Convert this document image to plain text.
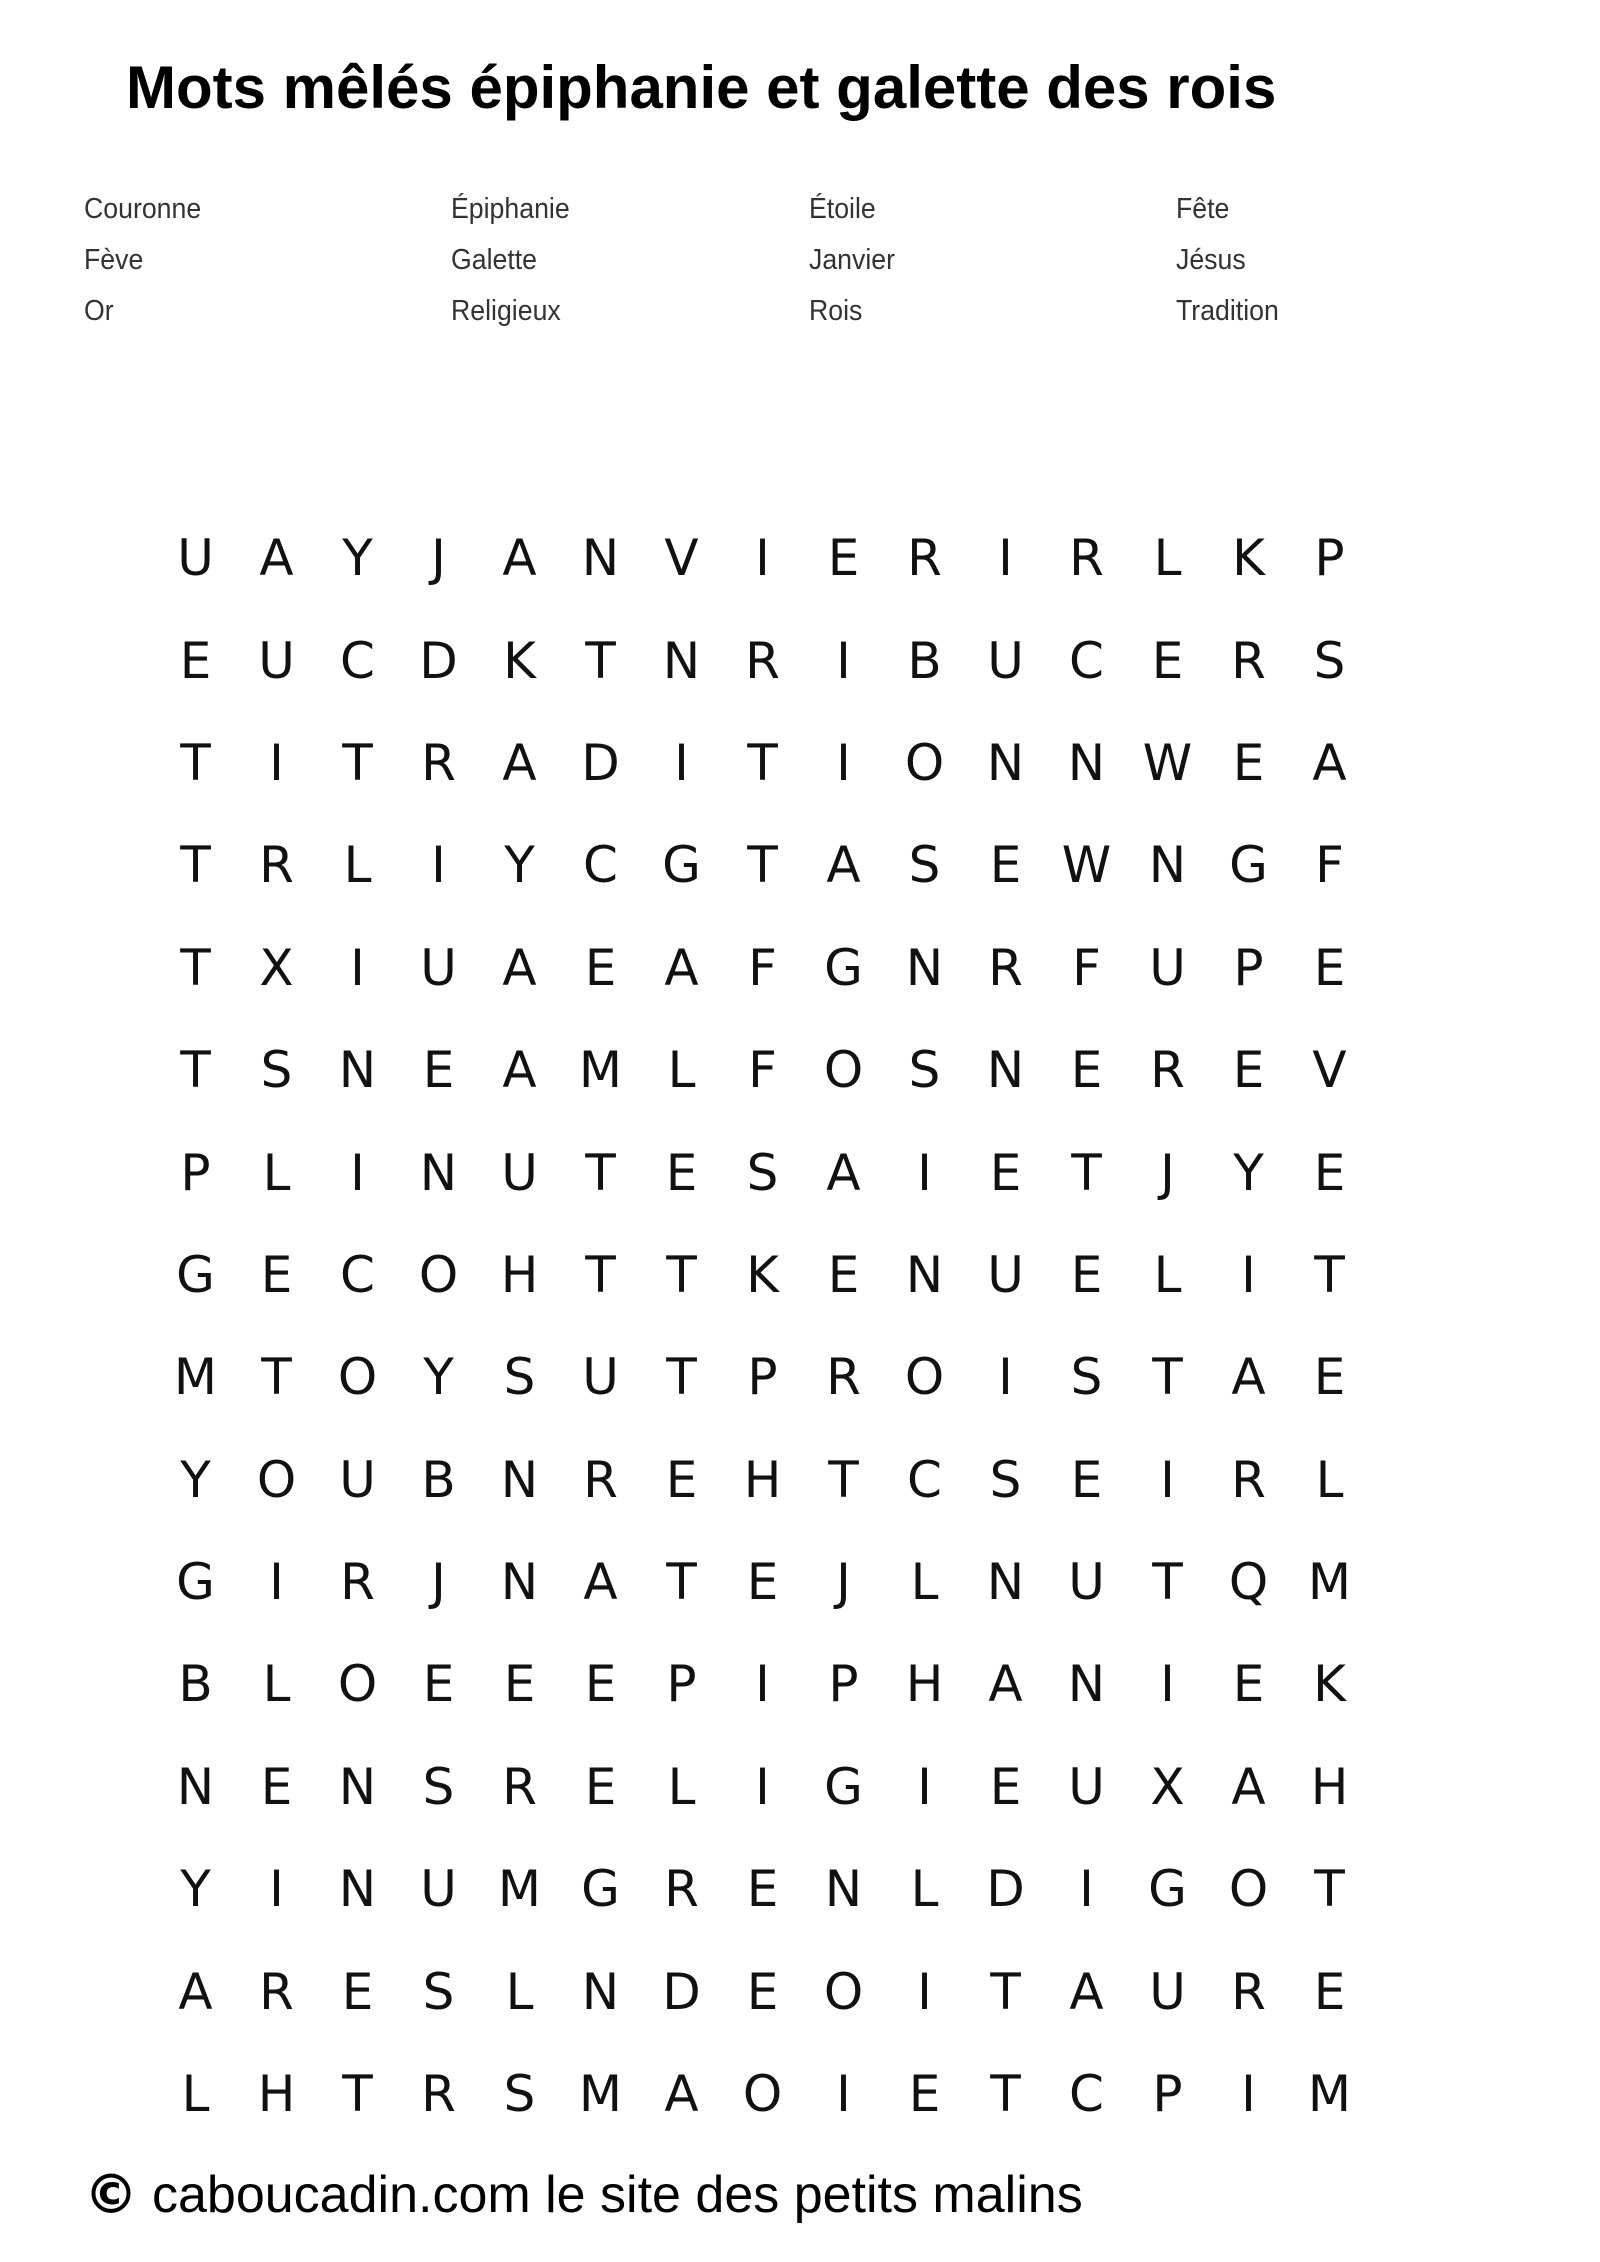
Mots mêlés épiphanie et galette des rois
Couronne	Épiphanie	Étoile	Fête
Fève	Galette	Janvier	Jésus
Or	Religieux	Rois	Tradition
U A Y	J	A N V	I	E R	I	R L	K P
E U C D K T N R	I	B U C E R S
T	I	T R A D	I	T	I	O N N W E A
T R L	I	Y C G T A S E W N G F
T X	I	U A E A F G N R F U P	E
T S N E A M L	F O S N E R E V
P	L	I	N U T E S A	I	E T	J	Y E
G E C O H T	T K E N U E	L	I	T
M T O Y S U T	P R O	I	S T A E
Y O U B N R E H T C S E	I	R L
G	I	R	J	N A T E	J	L N U T Q M
B L O E E E	P	I	P H A N	I	E K
N E N S R E	L	I	G	I	E U X A H
Y	I	N U M G R E N L D	I	G O T
A R E S	L N D E O	I	T A U R E
L H T R S M A O	I	E T C P	I	M
© caboucadin.com le site des petits malins
